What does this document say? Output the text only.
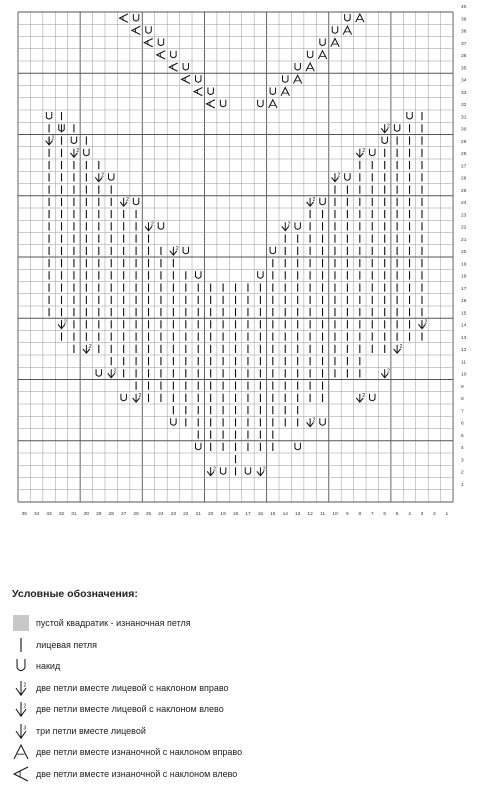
1
2
3
4
5
6
7
8
9
10
11
12
13
14
15
16
17
18
19
20
21
22
23
24
25
26
27
28
29
30
31
32
33
34
35
36
37
38
39
40
1
2
3
4
5
6
7
8
9
10
11
12
13
14
15
16
17
18
19
20
21
22
23
24
25
26
27
28
29
30
31
32
33
34
35
2
2
2
2
2	2
2
2
2
2
2
2
2
2
2
2
2
2
2
2
2
2
Условные обозначения:
пустой квадратик - изнаночная петля
лицевая петля
накид
2 две петли вместе лицевой с наклоном вправо
2 две петли вместе лицевой с наклоном влево
3 три петли вместе лицевой
две петли вместе изнаночной с наклоном вправо
две петли вместе изнаночной с наклоном влево
